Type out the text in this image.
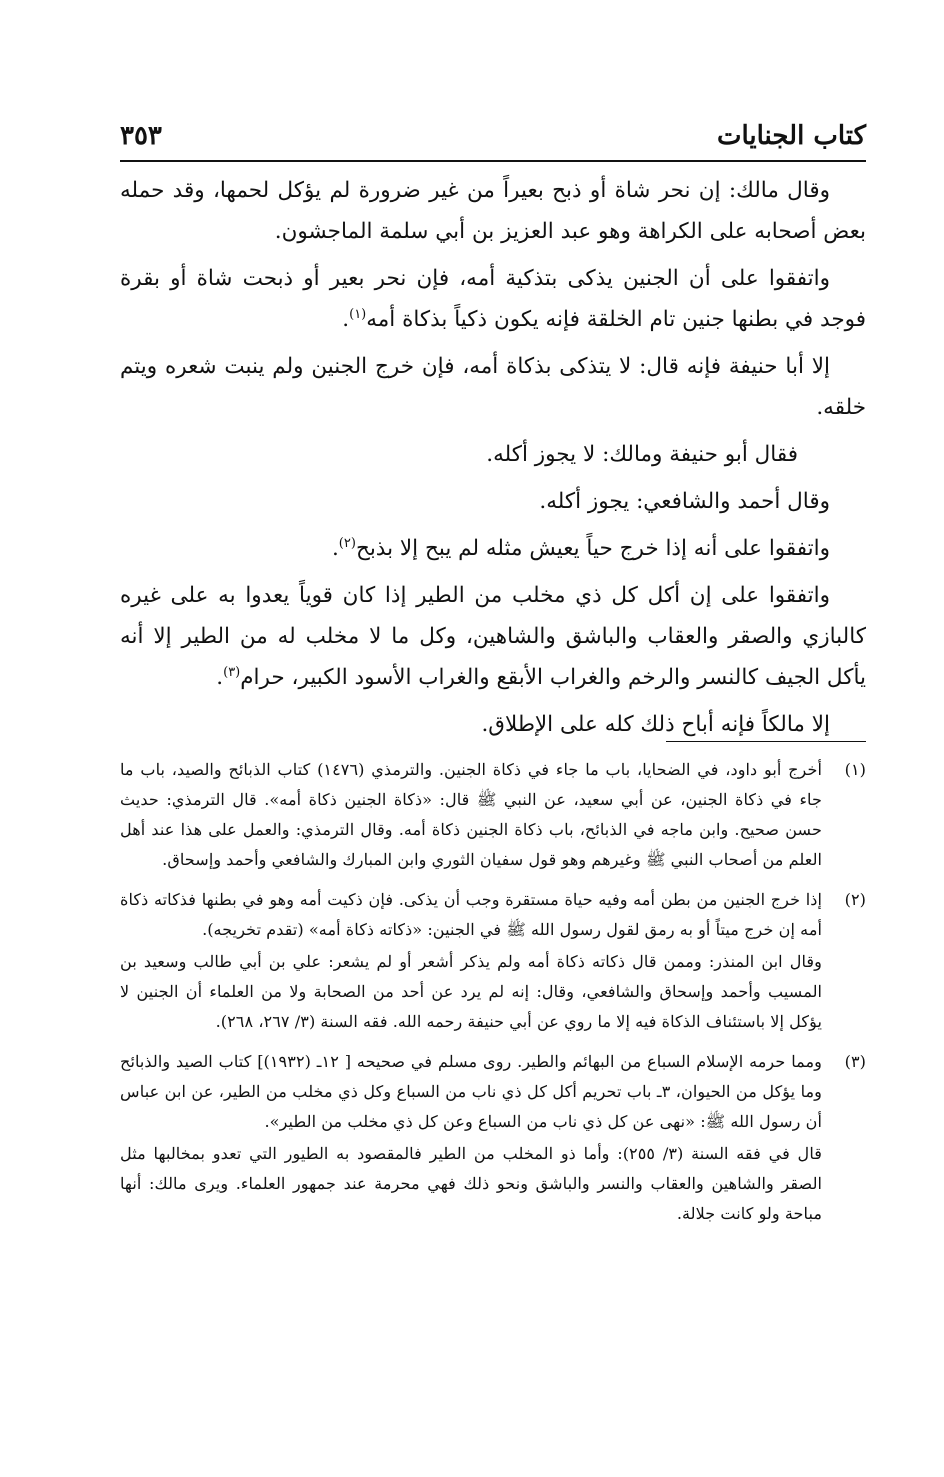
كتاب الجنايات
٣٥٣

وقال مالك: إن نحر شاة أو ذبح بعيراً من غير ضرورة لم يؤكل لحمها، وقد حمله بعض أصحابه على الكراهة وهو عبد العزيز بن أبي سلمة الماجشون.

واتفقوا على أن الجنين يذكى بتذكية أمه، فإن نحر بعير أو ذبحت شاة أو بقرة فوجد في بطنها جنين تام الخلقة فإنه يكون ذكياً بذكاة أمه$^{(١)}$.

إلا أبا حنيفة فإنه قال: لا يتذكى بذكاة أمه، فإن خرج الجنين ولم ينبت شعره ويتم خلقه.

فقال أبو حنيفة ومالك: لا يجوز أكله.

وقال أحمد والشافعي: يجوز أكله.

واتفقوا على أنه إذا خرج حياً يعيش مثله لم يبح إلا بذبح$^{(٢)}$.

واتفقوا على إن أكل كل ذي مخلب من الطير إذا كان قوياً يعدوا به على غيره كالبازي والصقر والعقاب والباشق والشاهين، وكل ما لا مخلب له من الطير إلا أنه يأكل الجيف كالنسر والرخم والغراب الأبقع والغراب الأسود الكبير، حرام$^{(٣)}$.

إلا مالكاً فإنه أباح ذلك كله على الإطلاق.

(١)

أخرج أبو داود، في الضحايا، باب ما جاء في ذكاة الجنين. والترمذي (١٤٧٦) كتاب الذبائح والصيد، باب ما جاء في ذكاة الجنين، عن أبي سعيد، عن النبي ﷺ قال: «ذكاة الجنين ذكاة أمه». قال الترمذي: حديث حسن صحيح. وابن ماجه في الذبائح، باب ذكاة الجنين ذكاة أمه. وقال الترمذي: والعمل على هذا عند أهل العلم من أصحاب النبي ﷺ وغيرهم وهو قول سفيان الثوري وابن المبارك والشافعي وأحمد وإسحاق.

(٢)

إذا خرج الجنين من بطن أمه وفيه حياة مستقرة وجب أن يذكى. فإن ذكيت أمه وهو في بطنها فذكاته ذكاة أمه إن خرج ميتاً أو به رمق لقول رسول الله ﷺ في الجنين: «ذكاته ذكاة أمه» (تقدم تخريجه).

وقال ابن المنذر: وممن قال ذكاته ذكاة أمه ولم يذكر أشعر أو لم يشعر: علي بن أبي طالب وسعيد بن المسيب وأحمد وإسحاق والشافعي، وقال: إنه لم يرد عن أحد من الصحابة ولا من العلماء أن الجنين لا يؤكل إلا باستئناف الذكاة فيه إلا ما روي عن أبي حنيفة رحمه الله. فقه السنة (٣/ ٢٦٧، ٢٦٨).

(٣)

ومما حرمه الإسلام السباع من البهائم والطير. روى مسلم في صحيحه [ ١٢ـ (١٩٣٢)] كتاب الصيد والذبائح وما يؤكل من الحيوان، ٣ـ باب تحريم أكل كل ذي ناب من السباع وكل ذي مخلب من الطير، عن ابن عباس أن رسول الله ﷺ: «نهى عن كل ذي ناب من السباع وعن كل ذي مخلب من الطير».

قال في فقه السنة (٣/ ٢٥٥): وأما ذو المخلب من الطير فالمقصود به الطيور التي تعدو بمخالبها مثل الصقر والشاهين والعقاب والنسر والباشق ونحو ذلك فهي محرمة عند جمهور العلماء. ويرى مالك: أنها مباحة ولو كانت جلالة.
